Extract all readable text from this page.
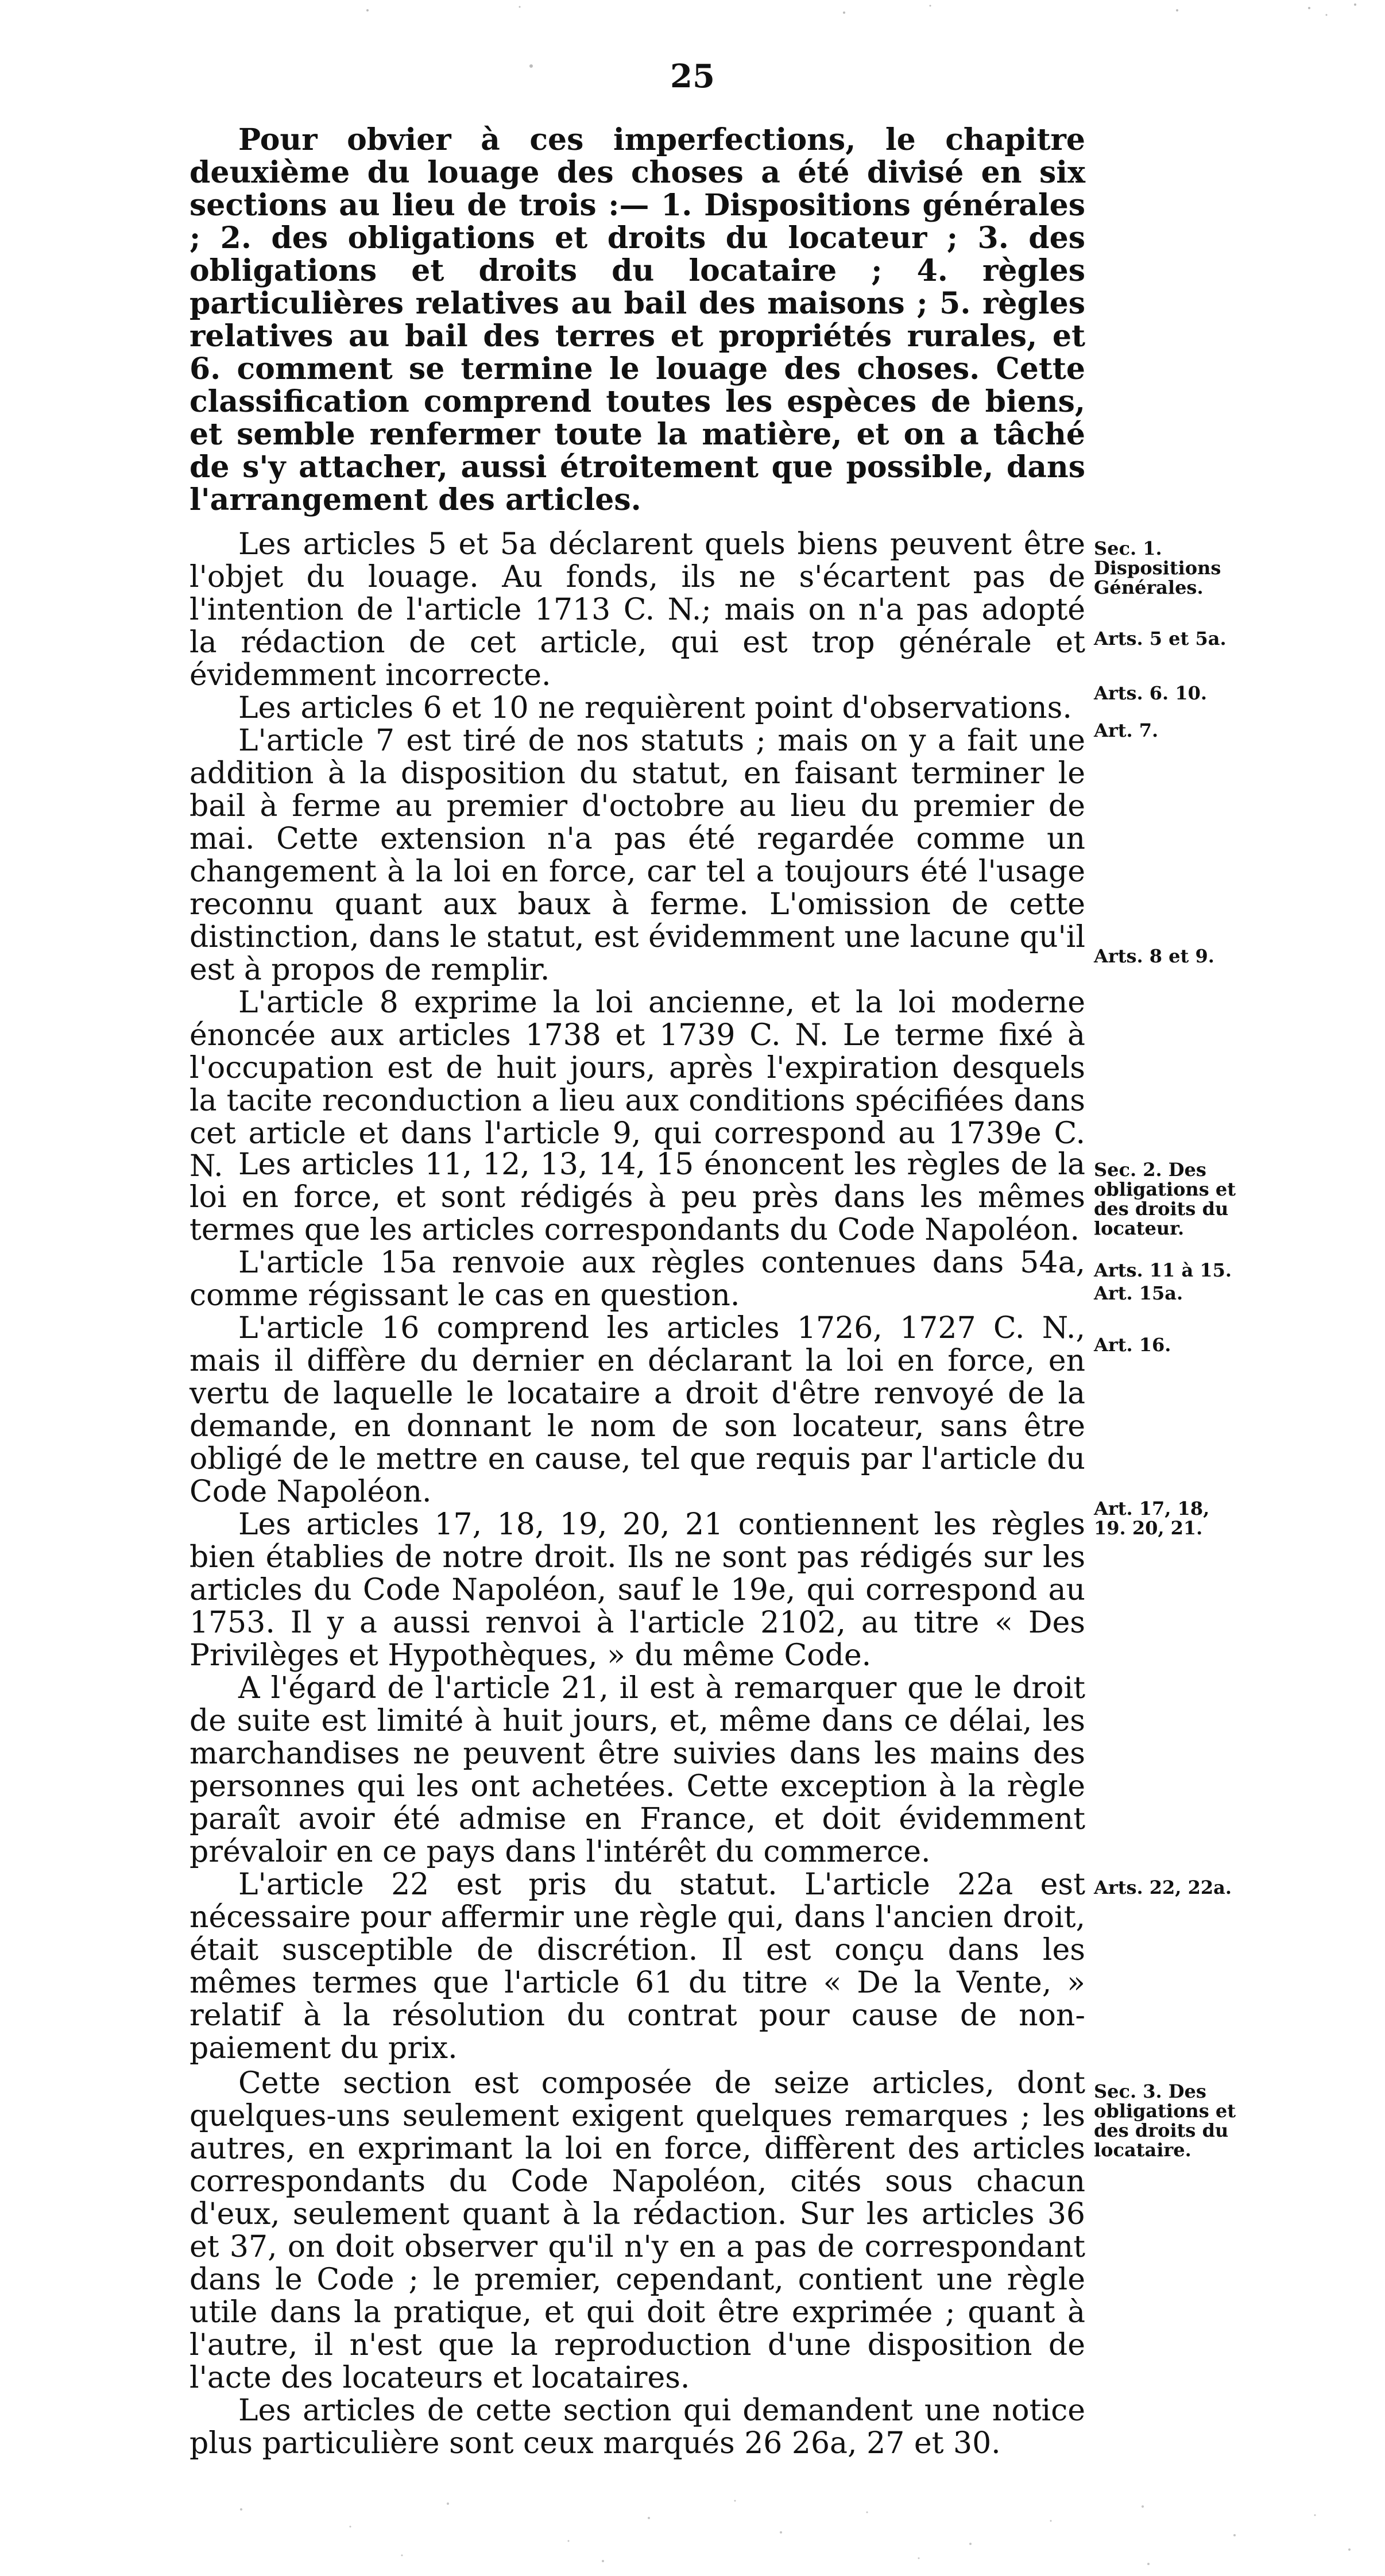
25

Pour obvier à ces imperfections, le chapitre deuxième du louage des choses a été divisé en six sections au lieu de trois :— 1. Dispositions générales ; 2. des obligations et droits du locateur ; 3. des obligations et droits du locataire ; 4. règles particulières relatives au bail des maisons ; 5. règles relatives au bail des terres et propriétés rurales, et 6. comment se termine le louage des choses. Cette classification comprend toutes les espèces de biens, et semble renfermer toute la matière, et on a tâché de s'y attacher, aussi étroitement que possible, dans l'arrangement des articles.

Les articles 5 et 5a déclarent quels biens peuvent être l'objet du louage. Au fonds, ils ne s'écartent pas de l'intention de l'article 1713 C. N.; mais on n'a pas adopté la rédaction de cet article, qui est trop générale et évidemment incorrecte.

Les articles 6 et 10 ne requièrent point d'observations.

L'article 7 est tiré de nos statuts ; mais on y a fait une addition à la disposition du statut, en faisant terminer le bail à ferme au premier d'octobre au lieu du premier de mai. Cette extension n'a pas été regardée comme un changement à la loi en force, car tel a toujours été l'usage reconnu quant aux baux à ferme. L'omission de cette distinction, dans le statut, est évidemment une lacune qu'il est à propos de remplir.

L'article 8 exprime la loi ancienne, et la loi moderne énoncée aux articles 1738 et 1739 C. N. Le terme fixé à l'occupation est de huit jours, après l'expiration desquels la tacite reconduction a lieu aux conditions spécifiées dans cet article et dans l'article 9, qui correspond au 1739e C. N. Les articles 11, 12, 13, 14, 15 énoncent les règles de la loi en force, et sont rédigés à peu près dans les mêmes termes que les articles correspondants du Code Napoléon.

L'article 15a renvoie aux règles contenues dans 54a, comme régissant le cas en question.

L'article 16 comprend les articles 1726, 1727 C. N., mais il diffère du dernier en déclarant la loi en force, en vertu de laquelle le locataire a droit d'être renvoyé de la demande, en donnant le nom de son locateur, sans être obligé de le mettre en cause, tel que requis par l'article du Code Napoléon.

Les articles 17, 18, 19, 20, 21 contiennent les règles bien établies de notre droit. Ils ne sont pas rédigés sur les articles du Code Napoléon, sauf le 19e, qui correspond au 1753. Il y a aussi renvoi à l'article 2102, au titre « Des Privilèges et Hypothèques, » du même Code.

A l'égard de l'article 21, il est à remarquer que le droit de suite est limité à huit jours, et, même dans ce délai, les marchandises ne peuvent être suivies dans les mains des personnes qui les ont achetées. Cette exception à la règle paraît avoir été admise en France, et doit évidemment prévaloir en ce pays dans l'intérêt du commerce.

L'article 22 est pris du statut. L'article 22a est nécessaire pour affermir une règle qui, dans l'ancien droit, était susceptible de discrétion. Il est conçu dans les mêmes termes que l'article 61 du titre « De la Vente, » relatif à la résolution du contrat pour cause de non-paiement du prix.

Cette section est composée de seize articles, dont quelques-uns seulement exigent quelques remarques ; les autres, en exprimant la loi en force, diffèrent des articles correspondants du Code Napoléon, cités sous chacun d'eux, seulement quant à la rédaction. Sur les articles 36 et 37, on doit observer qu'il n'y en a pas de correspondant dans le Code ; le premier, cependant, contient une règle utile dans la pratique, et qui doit être exprimée ; quant à l'autre, il n'est que la reproduction d'une disposition de l'acte des locateurs et locataires.

Les articles de cette section qui demandent une notice plus particulière sont ceux marqués 26 26a, 27 et 30.

Sec. 1. Dispositions Générales.
Arts. 5 et 5a.
Arts. 6. 10.
Art. 7.
Arts. 8 et 9.
Sec. 2. Des obligations et des droits du locateur.
Arts. 11 à 15.
Art. 15a.
Art. 16.
Art. 17, 18, 19. 20, 21.
Arts. 22, 22a.
Sec. 3. Des obligations et des droits du locataire.
